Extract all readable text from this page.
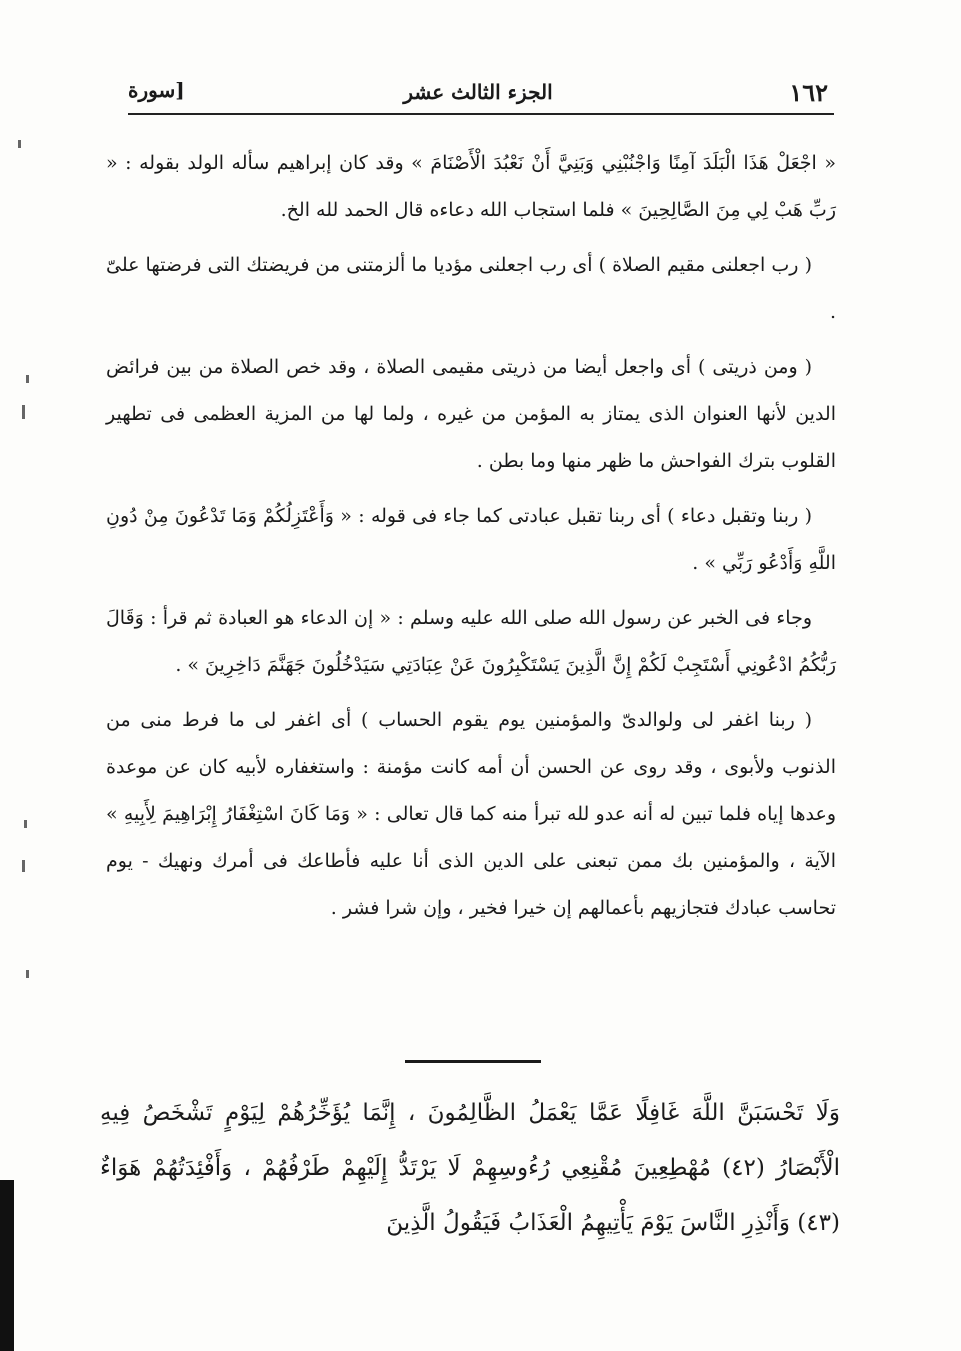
١٦٢
الجزء الثالث عشر
[سورة

« اجْعَلْ هَذَا الْبَلَدَ آمِنًا وَاجْنُبْنِي وَبَنِيَّ أَنْ نَعْبُدَ الْأَصْنَامَ » وقد كان إبراهيم سأله الولد بقوله : « رَبِّ هَبْ لِي مِنَ الصَّالِحِينَ » فلما استجاب الله دعاءه قال الحمد لله الخ.

( رب اجعلنى مقيم الصلاة ) أى رب اجعلنى مؤديا ما ألزمتنى من فريضتك التى فرضتها علىّ .

( ومن ذريتى ) أى واجعل أيضا من ذريتى مقيمى الصلاة ، وقد خص الصلاة من بين فرائض الدين لأنها العنوان الذى يمتاز به المؤمن من غيره ، ولما لها من المزية العظمى فى تطهير القلوب بترك الفواحش ما ظهر منها وما بطن .

( ربنا وتقبل دعاء ) أى ربنا تقبل عبادتى كما جاء فى قوله : « وَأَعْتَزِلُكُمْ وَمَا تَدْعُونَ مِنْ دُونِ اللَّهِ وَأَدْعُو رَبِّي » .

وجاء فى الخبر عن رسول الله صلى الله عليه وسلم : « إن الدعاء هو العبادة ثم قرأ : وَقَالَ رَبُّكُمُ ادْعُونِي أَسْتَجِبْ لَكُمْ إِنَّ الَّذِينَ يَسْتَكْبِرُونَ عَنْ عِبَادَتِي سَيَدْخُلُونَ جَهَنَّمَ دَاخِرِينَ » .

( ربنا اغفر لى ولوالدىّ والمؤمنين يوم يقوم الحساب ) أى اغفر لى ما فرط منى من الذنوب ولأبوى ، وقد روى عن الحسن أن أمه كانت مؤمنة : واستغفاره لأبيه كان عن موعدة وعدها إياه فلما تبين له أنه عدو لله تبرأ منه كما قال تعالى : « وَمَا كَانَ اسْتِغْفَارُ إِبْرَاهِيمَ لِأَبِيهِ » الآية ، والمؤمنين بك ممن تبعنى على الدين الذى أنا عليه فأطاعك فى أمرك ونهيك - يوم تحاسب عبادك فتجازيهم بأعمالهم إن خيرا فخير ، وإن شرا فشر .

وَلَا تَحْسَبَنَّ اللَّهَ غَافِلًا عَمَّا يَعْمَلُ الظَّالِمُونَ ، إِنَّمَا يُؤَخِّرُهُمْ لِيَوْمٍ تَشْخَصُ فِيهِ الْأَبْصَارُ (٤٢) مُهْطِعِينَ مُقْنِعِي رُءُوسِهِمْ لَا يَرْتَدُّ إِلَيْهِمْ طَرْفُهُمْ ، وَأَفْئِدَتُهُمْ هَوَاءٌ (٤٣) وَأَنْذِرِ النَّاسَ يَوْمَ يَأْتِيهِمُ الْعَذَابُ فَيَقُولُ الَّذِينَ
